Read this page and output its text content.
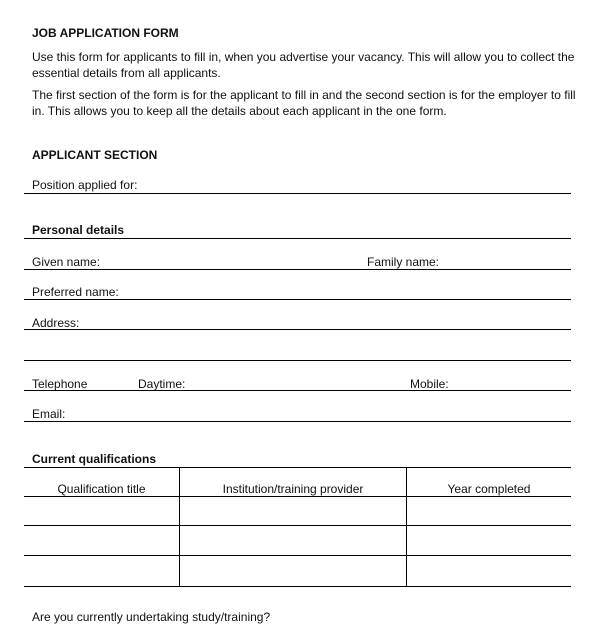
JOB APPLICATION FORM
Use this form for applicants to fill in, when you advertise your vacancy. This will allow you to collect the essential details from all applicants.
The first section of the form is for the applicant to fill in and the second section is for the employer to fill in. This allows you to keep all the details about each applicant in the one form.
APPLICANT SECTION
Position applied for:
Personal details
Given name:	Family name:
Preferred name:
Address:
Telephone	Daytime:	Mobile:
Email:
Current qualifications
Qualification title	Institution/training provider	Year completed
Are you currently undertaking study/training?
